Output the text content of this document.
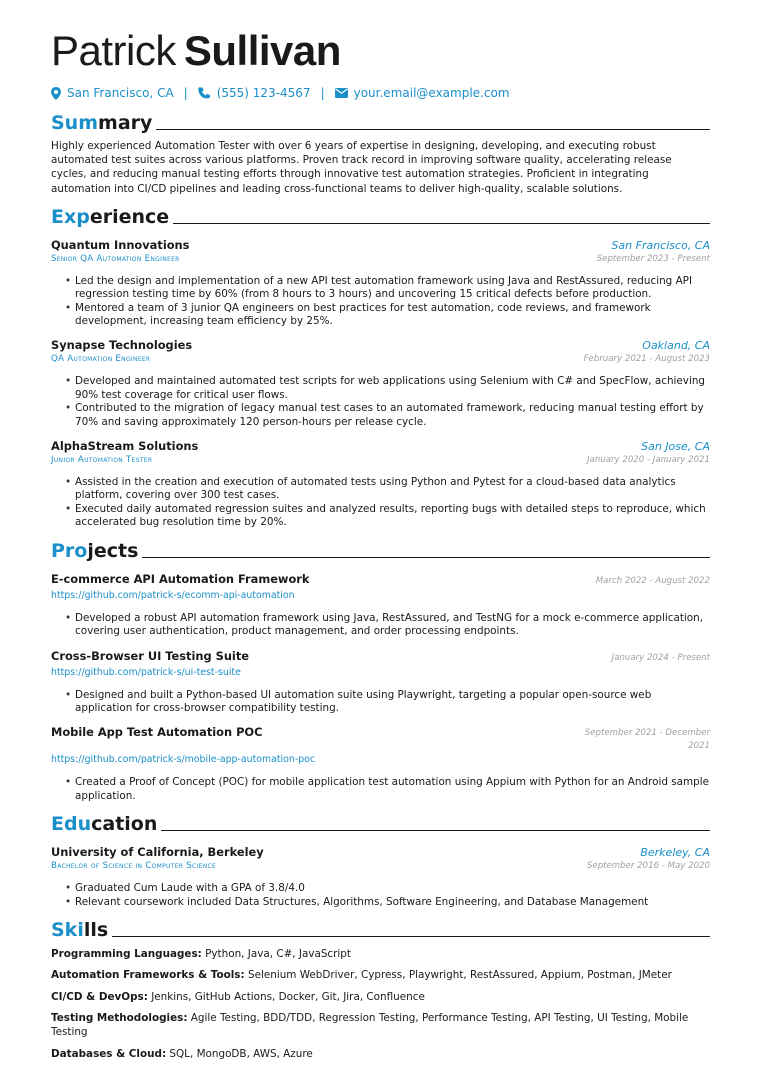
Patrick Sullivan
San Francisco, CA | (555) 123-4567 | your.email@example.com
Summary

Highly experienced Automation Tester with over 6 years of expertise in designing, developing, and executing robust automated test suites across various platforms. Proven track record in improving software quality, accelerating release cycles, and reducing manual testing efforts through innovative test automation strategies. Proficient in integrating automation into CI/CD pipelines and leading cross-functional teams to deliver high-quality, scalable solutions.

Experience
Quantum Innovations	San Francisco, CA
Senior QA Automation Engineer	September 2023 - Present
• Led the design and implementation of a new API test automation framework using Java and RestAssured, reducing API regression testing time by 60% (from 8 hours to 3 hours) and uncovering 15 critical defects before production.
• Mentored a team of 3 junior QA engineers on best practices for test automation, code reviews, and framework development, increasing team efficiency by 25%.
Synapse Technologies	Oakland, CA
QA Automation Engineer	February 2021 - August 2023
• Developed and maintained automated test scripts for web applications using Selenium with C# and SpecFlow, achieving 90% test coverage for critical user flows.
• Contributed to the migration of legacy manual test cases to an automated framework, reducing manual testing effort by 70% and saving approximately 120 person-hours per release cycle.
AlphaStream Solutions	San Jose, CA
Junior Automation Tester	January 2020 - January 2021
• Assisted in the creation and execution of automated tests using Python and Pytest for a cloud-based data analytics platform, covering over 300 test cases.
• Executed daily automated regression suites and analyzed results, reporting bugs with detailed steps to reproduce, which accelerated bug resolution time by 20%.
Projects
E-commerce API Automation Framework	March 2022 - August 2022
https://github.com/patrick-s/ecomm-api-automation
• Developed a robust API automation framework using Java, RestAssured, and TestNG for a mock e-commerce application, covering user authentication, product management, and order processing endpoints.
Cross-Browser UI Testing Suite	January 2024 - Present
https://github.com/patrick-s/ui-test-suite
• Designed and built a Python-based UI automation suite using Playwright, targeting a popular open-source web application for cross-browser compatibility testing.
Mobile App Test Automation POC	September 2021 - December
2021
https://github.com/patrick-s/mobile-app-automation-poc
• Created a Proof of Concept (POC) for mobile application test automation using Appium with Python for an Android sample application.
Education
University of California, Berkeley	Berkeley, CA
Bachelor of Science in Computer Science	September 2016 - May 2020
• Graduated Cum Laude with a GPA of 3.8/4.0
• Relevant coursework included Data Structures, Algorithms, Software Engineering, and Database Management
Skills
Programming Languages: Python, Java, C#, JavaScript
Automation Frameworks & Tools: Selenium WebDriver, Cypress, Playwright, RestAssured, Appium, Postman, JMeter
CI/CD & DevOps: Jenkins, GitHub Actions, Docker, Git, Jira, Confluence
Testing Methodologies: Agile Testing, BDD/TDD, Regression Testing, Performance Testing, API Testing, UI Testing, Mobile Testing
Databases & Cloud: SQL, MongoDB, AWS, Azure
